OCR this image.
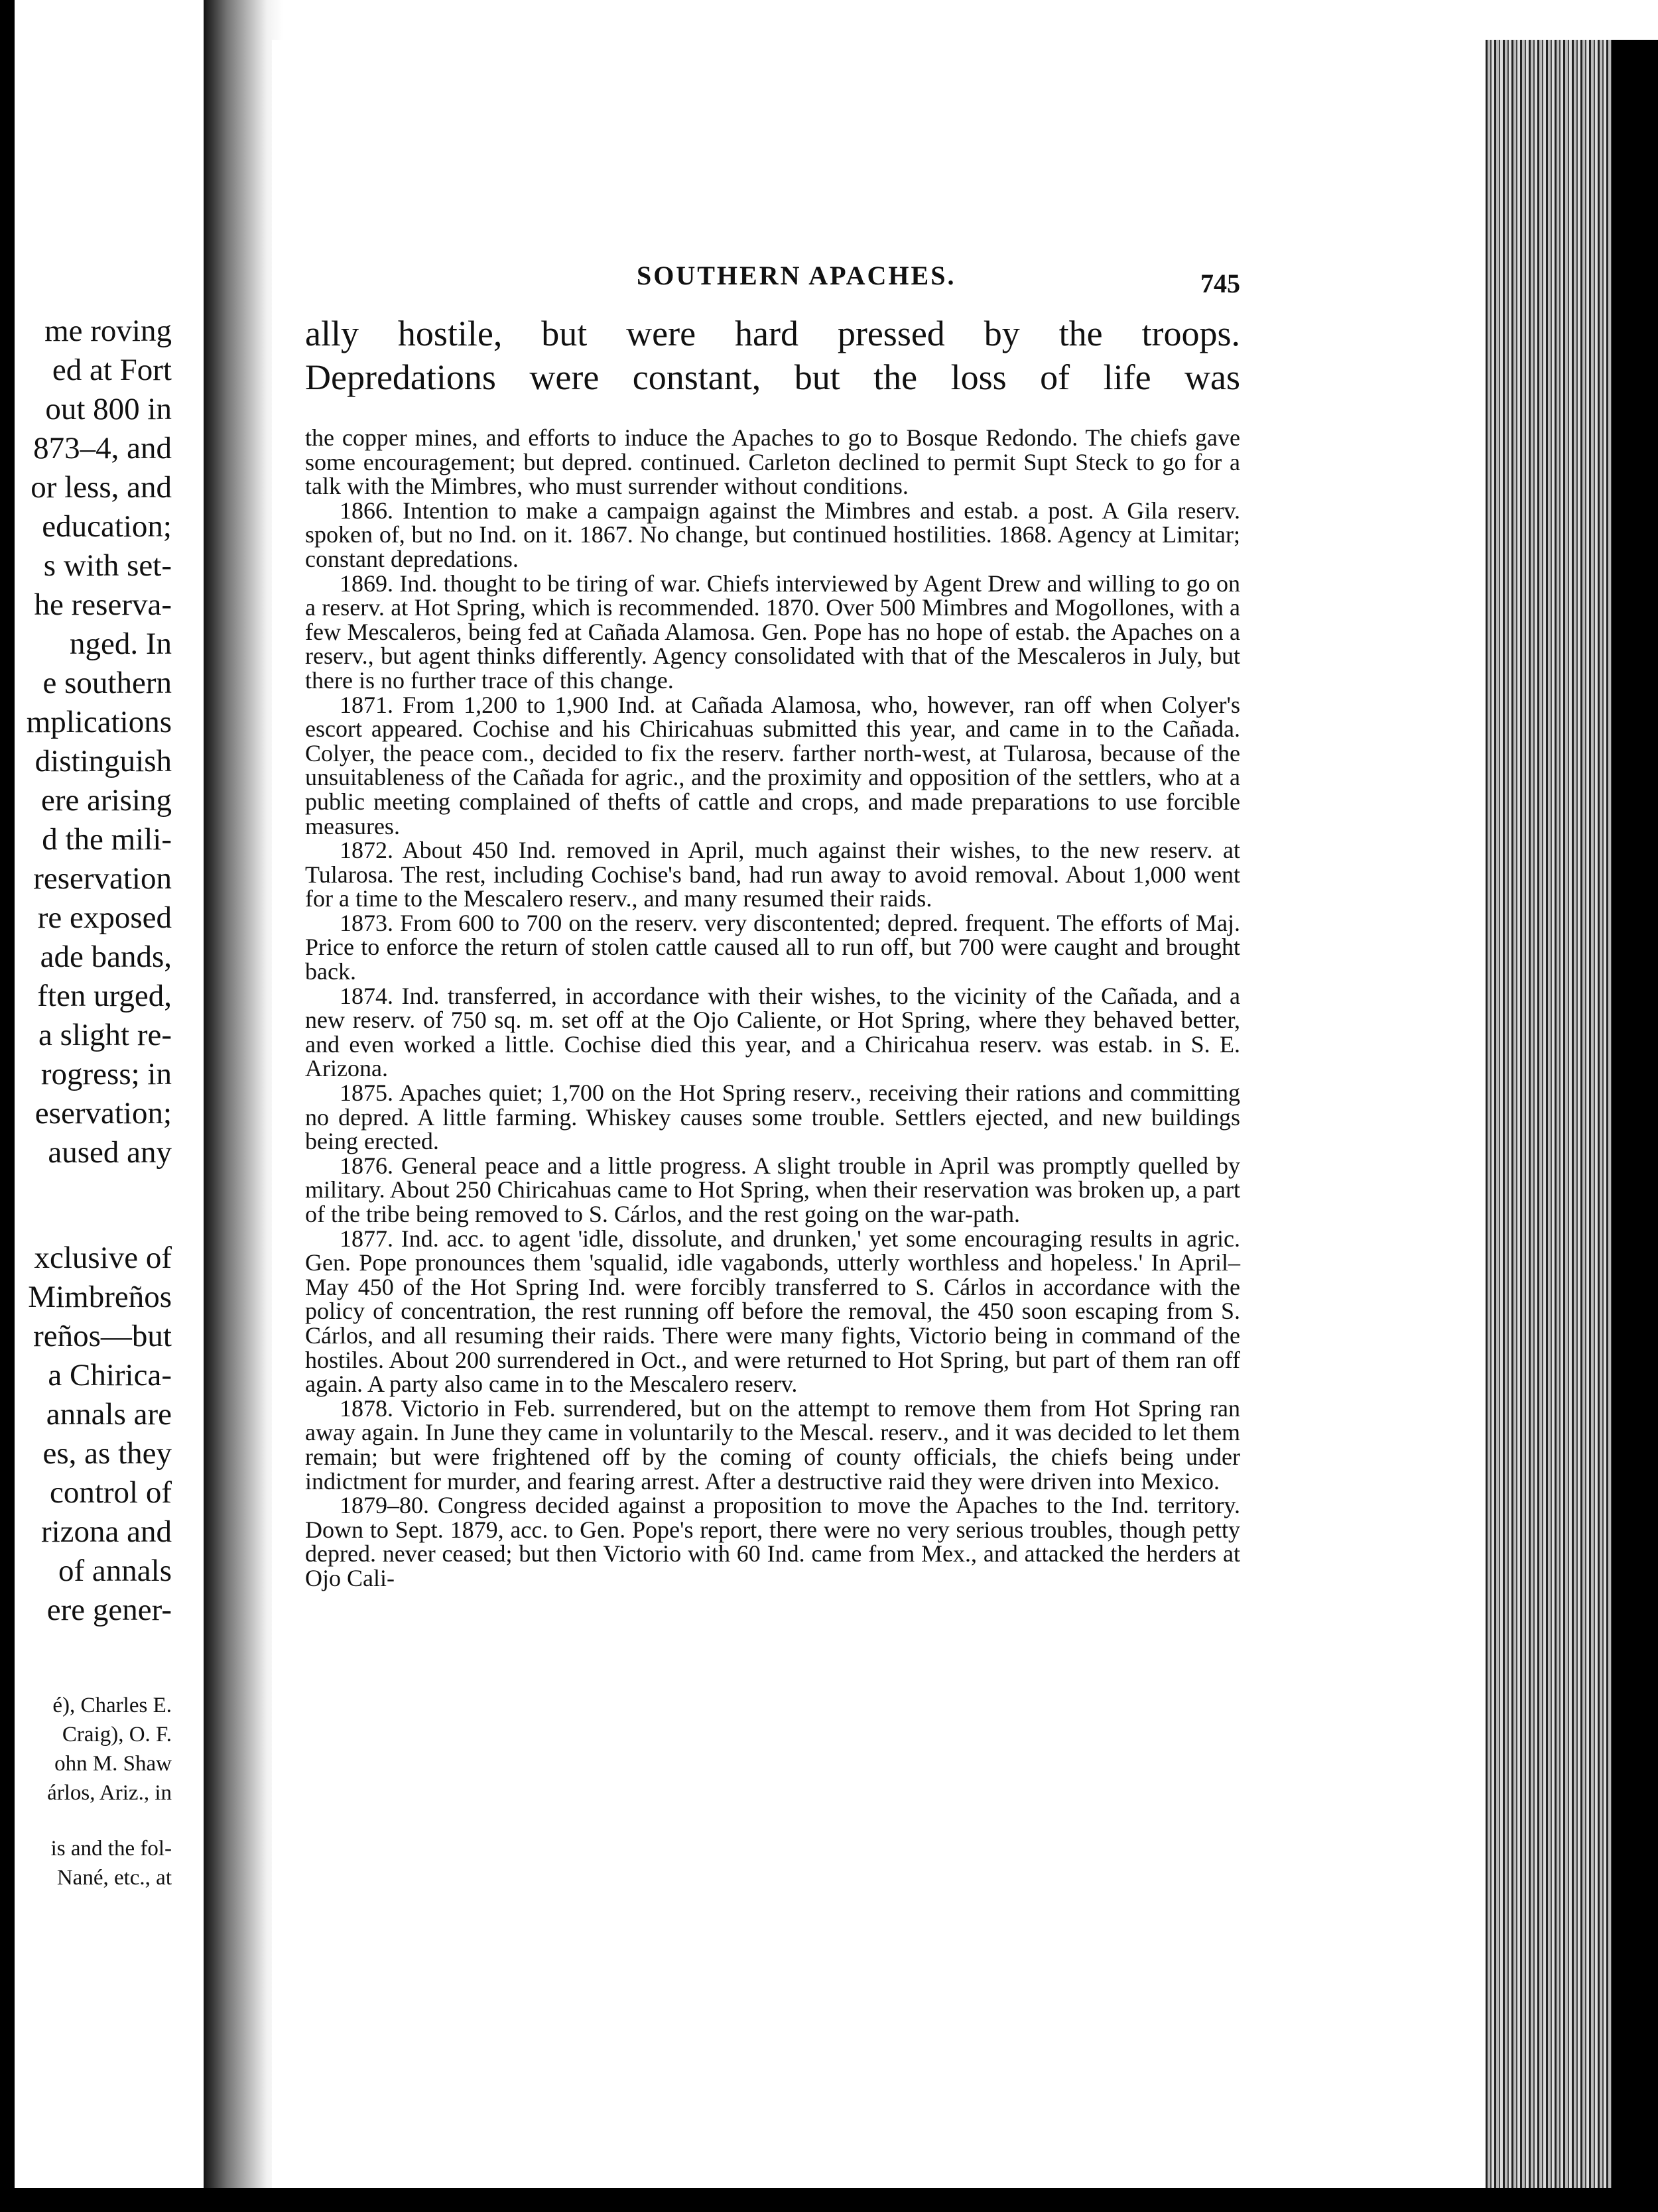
me roving
ed at Fort
out 800 in
873–4, and
or less, and
education;
s with set-
he reserva-
nged. In
e southern
mplications
distinguish
ere arising
d the mili-
reservation
re exposed
ade bands,
ften urged,
a slight re-
rogress; in
eservation;
aused any
xclusive of
Mimbreños
reños—but
a Chirica-
annals are
es, as they
control of
rizona and
of annals
ere gener-
é), Charles E.
Craig), O. F.
ohn M. Shaw
árlos, Ariz., in
is and the fol-
Nané, etc., at
SOUTHERN APACHES.	745
ally hostile, but were hard pressed by the troops.
Depredations were constant, but the loss of life was

the copper mines, and efforts to induce the Apaches to go to Bosque Redondo. The chiefs gave some encouragement; but depred. continued. Carleton declined to permit Supt Steck to go for a talk with the Mimbres, who must surrender without conditions.

1866. Intention to make a campaign against the Mimbres and estab. a post. A Gila reserv. spoken of, but no Ind. on it. 1867. No change, but continued hostilities. 1868. Agency at Limitar; constant depredations.

1869. Ind. thought to be tiring of war. Chiefs interviewed by Agent Drew and willing to go on a reserv. at Hot Spring, which is recommended. 1870. Over 500 Mimbres and Mogollones, with a few Mescaleros, being fed at Cañada Alamosa. Gen. Pope has no hope of estab. the Apaches on a reserv., but agent thinks differently. Agency consolidated with that of the Mescaleros in July, but there is no further trace of this change.

1871. From 1,200 to 1,900 Ind. at Cañada Alamosa, who, however, ran off when Colyer's escort appeared. Cochise and his Chiricahuas submitted this year, and came in to the Cañada. Colyer, the peace com., decided to fix the reserv. farther north-west, at Tularosa, because of the unsuitableness of the Cañada for agric., and the proximity and opposition of the settlers, who at a public meeting complained of thefts of cattle and crops, and made preparations to use forcible measures.

1872. About 450 Ind. removed in April, much against their wishes, to the new reserv. at Tularosa. The rest, including Cochise's band, had run away to avoid removal. About 1,000 went for a time to the Mescalero reserv., and many resumed their raids.

1873. From 600 to 700 on the reserv. very discontented; depred. frequent. The efforts of Maj. Price to enforce the return of stolen cattle caused all to run off, but 700 were caught and brought back.

1874. Ind. transferred, in accordance with their wishes, to the vicinity of the Cañada, and a new reserv. of 750 sq. m. set off at the Ojo Caliente, or Hot Spring, where they behaved better, and even worked a little. Cochise died this year, and a Chiricahua reserv. was estab. in S. E. Arizona.

1875. Apaches quiet; 1,700 on the Hot Spring reserv., receiving their rations and committing no depred. A little farming. Whiskey causes some trouble. Settlers ejected, and new buildings being erected.

1876. General peace and a little progress. A slight trouble in April was promptly quelled by military. About 250 Chiricahuas came to Hot Spring, when their reservation was broken up, a part of the tribe being removed to S. Cárlos, and the rest going on the war-path.

1877. Ind. acc. to agent 'idle, dissolute, and drunken,' yet some encouraging results in agric. Gen. Pope pronounces them 'squalid, idle vagabonds, utterly worthless and hopeless.' In April–May 450 of the Hot Spring Ind. were forcibly transferred to S. Cárlos in accordance with the policy of concentration, the rest running off before the removal, the 450 soon escaping from S. Cárlos, and all resuming their raids. There were many fights, Victorio being in command of the hostiles. About 200 surrendered in Oct., and were returned to Hot Spring, but part of them ran off again. A party also came in to the Mescalero reserv.

1878. Victorio in Feb. surrendered, but on the attempt to remove them from Hot Spring ran away again. In June they came in voluntarily to the Mescal. reserv., and it was decided to let them remain; but were frightened off by the coming of county officials, the chiefs being under indictment for murder, and fearing arrest. After a destructive raid they were driven into Mexico.

1879–80. Congress decided against a proposition to move the Apaches to the Ind. territory. Down to Sept. 1879, acc. to Gen. Pope's report, there were no very serious troubles, though petty depred. never ceased; but then Victorio with 60 Ind. came from Mex., and attacked the herders at Ojo Cali-
